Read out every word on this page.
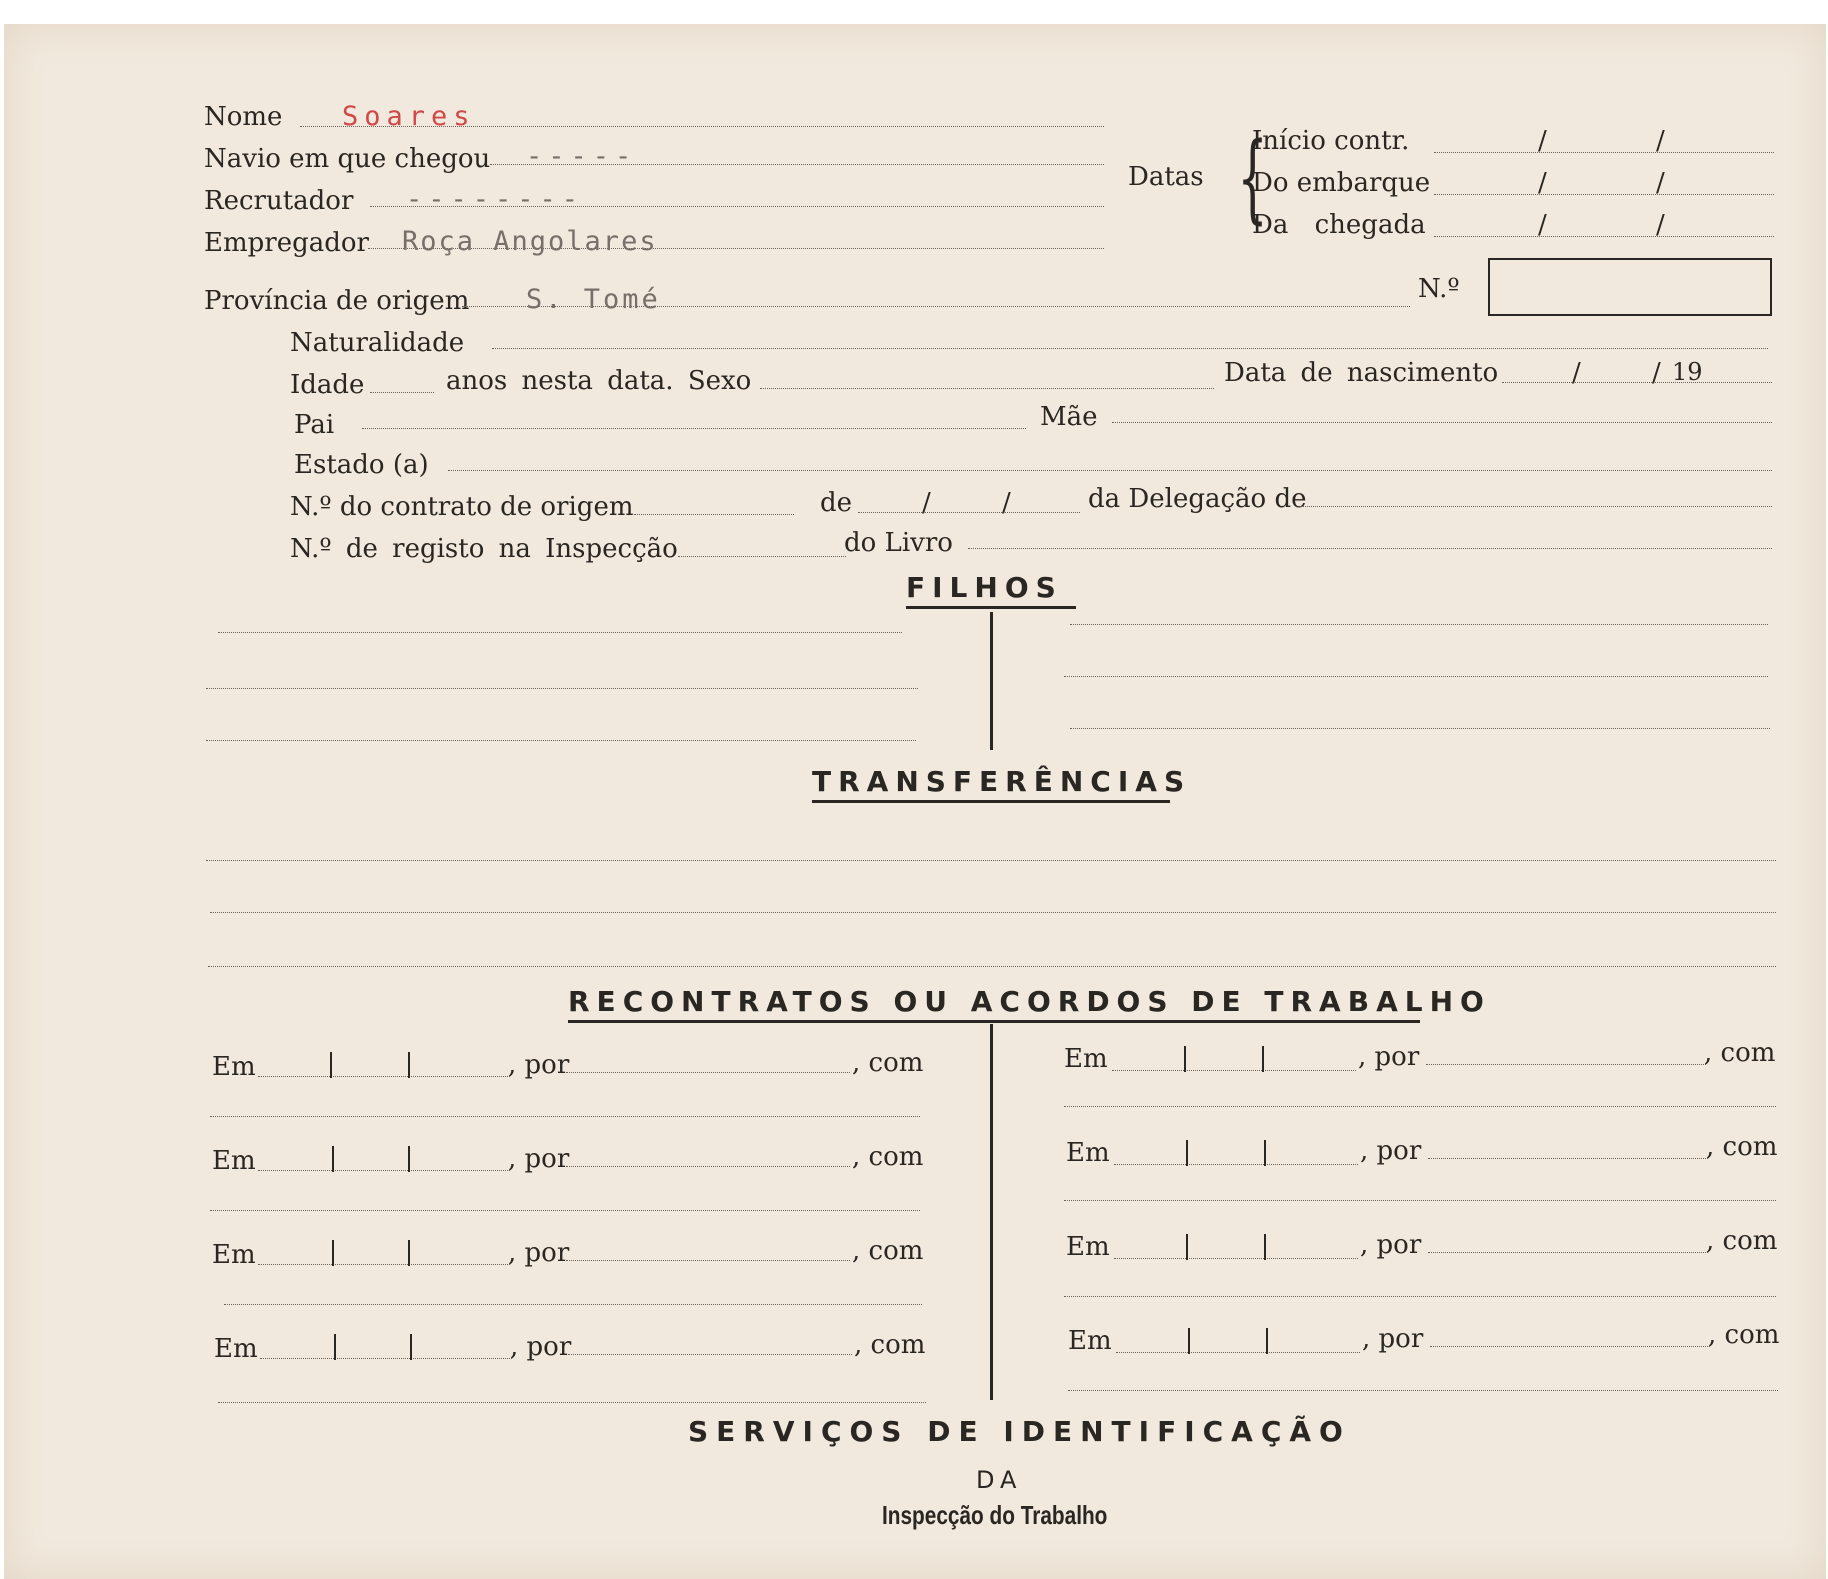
Nome Soares
Navio em que chegou -----
Recrutador --------
Empregador Roça Angolares
Província de origem S. Tomé	N.º
Datas {
Início contr.	/	/
Do embarque	/	/
Da chegada	/	/
Naturalidade
Idade	anos nesta data. Sexo	Data de nascimento	/	/ 19
Pai	Mãe
Estado (a)
N.º do contrato de origem	de	/	/	da Delegação de
N.º de registo na Inspecção	do Livro
FILHOS
TRANSFERÊNCIAS
RECONTRATOS OU ACORDOS DE TRABALHO
Em	, por	, com
Em	, por	, com
Em	, por	, com
Em	, por	, com
Em	, por	, com
Em	, por	, com
Em	, por	, com
Em	, por	, com
SERVIÇOS DE IDENTIFICAÇÃO
DA
Inspecção do Trabalho
